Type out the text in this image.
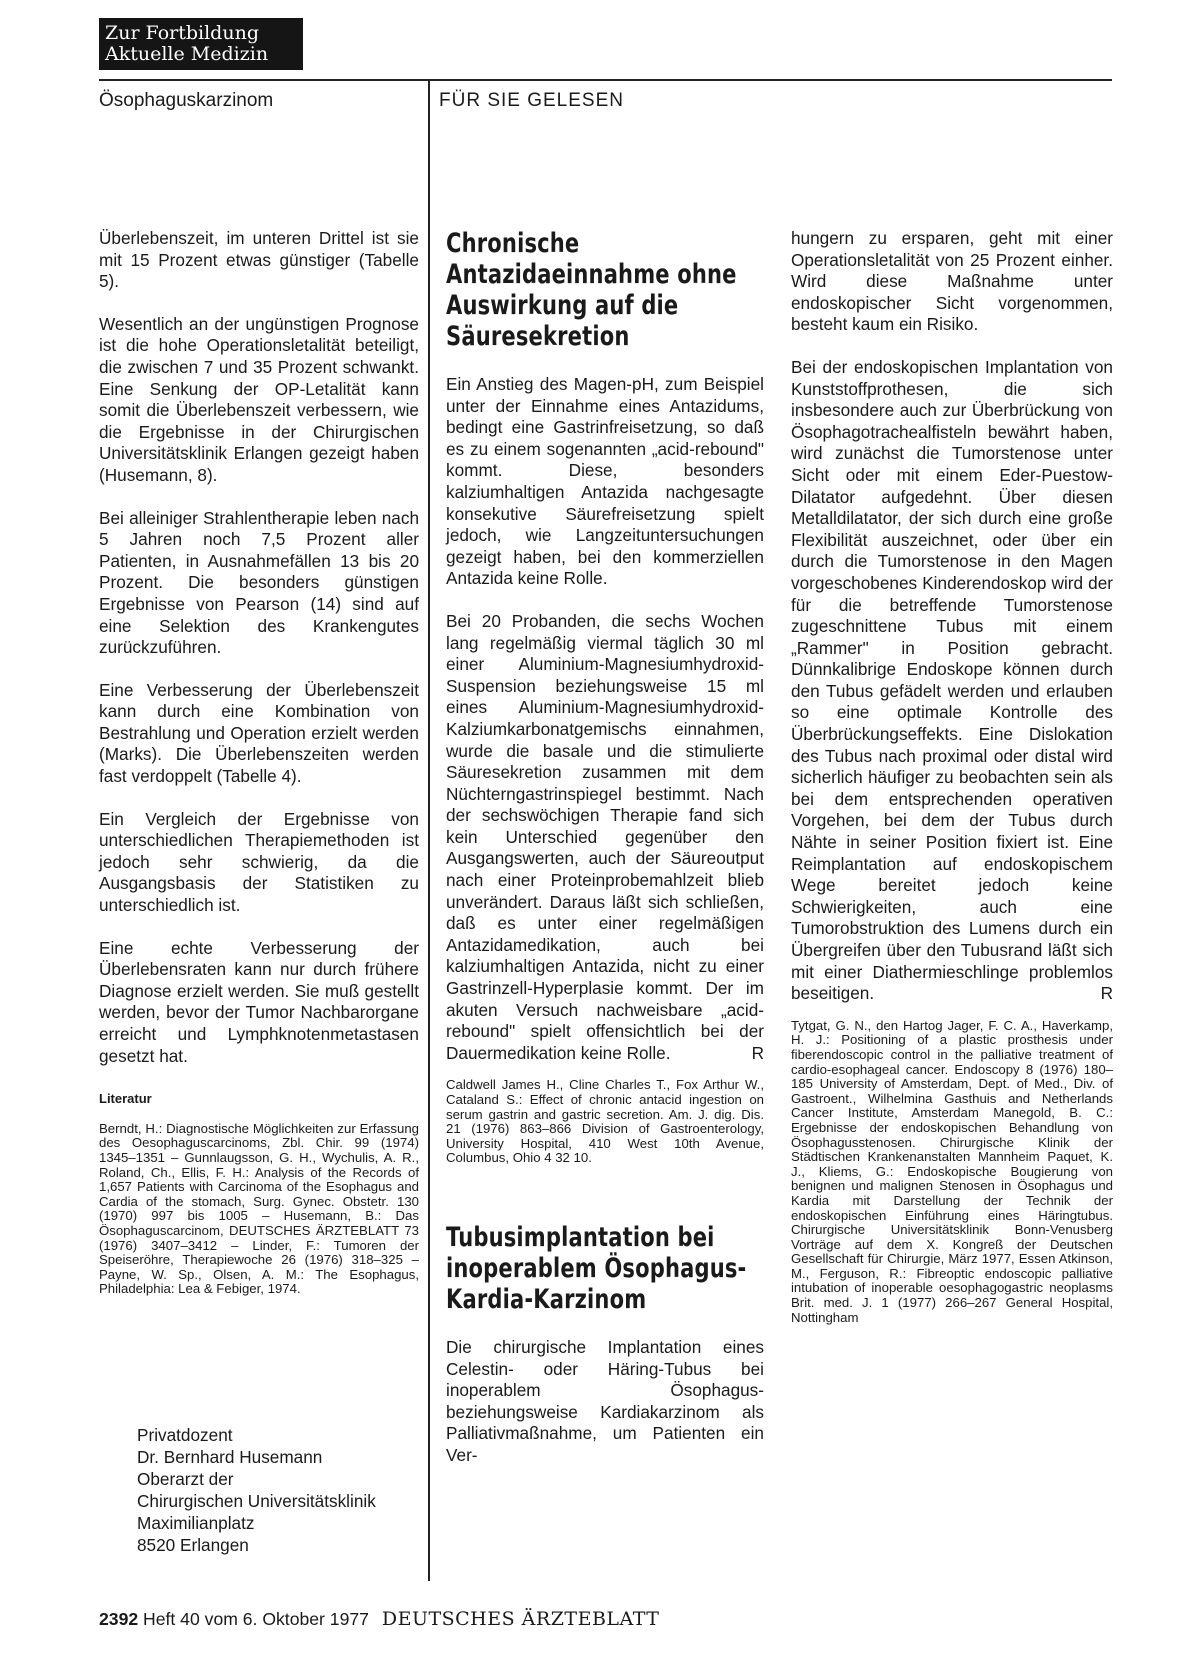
Zur Fortbildung
Aktuelle Medizin
Ösophaguskarzinom	FÜR SIE GELESEN

Überlebenszeit, im unteren Drittel ist sie mit 15 Prozent etwas günstiger (Tabelle 5).

Wesentlich an der ungünstigen Prognose ist die hohe Operationsletalität beteiligt, die zwischen 7 und 35 Prozent schwankt. Eine Senkung der OP-Letalität kann somit die Überlebenszeit verbessern, wie die Ergebnisse in der Chirurgischen Universitätsklinik Erlangen gezeigt haben (Husemann, 8).

Bei alleiniger Strahlentherapie leben nach 5 Jahren noch 7,5 Prozent aller Patienten, in Ausnahmefällen 13 bis 20 Prozent. Die besonders günstigen Ergebnisse von Pearson (14) sind auf eine Selektion des Krankengutes zurückzuführen.

Eine Verbesserung der Überlebenszeit kann durch eine Kombination von Bestrahlung und Operation erzielt werden (Marks). Die Überlebenszeiten werden fast verdoppelt (Tabelle 4).

Ein Vergleich der Ergebnisse von unterschiedlichen Therapiemethoden ist jedoch sehr schwierig, da die Ausgangsbasis der Statistiken zu unterschiedlich ist.

Eine echte Verbesserung der Überlebensraten kann nur durch frühere Diagnose erzielt werden. Sie muß gestellt werden, bevor der Tumor Nachbarorgane erreicht und Lymphknotenmetastasen gesetzt hat.

Literatur

Berndt, H.: Diagnostische Möglichkeiten zur Erfassung des Oesophaguscarcinoms, Zbl. Chir. 99 (1974) 1345–1351 – Gunnlaugsson, G. H., Wychulis, A. R., Roland, Ch., Ellis, F. H.: Analysis of the Records of 1,657 Patients with Carcinoma of the Esophagus and Cardia of the stomach, Surg. Gynec. Obstetr. 130 (1970) 997 bis 1005 – Husemann, B.: Das Ösophaguscarcinom, DEUTSCHES ÄRZTEBLATT 73 (1976) 3407–3412 – Linder, F.: Tumoren der Speiseröhre, Therapiewoche 26 (1976) 318–325 – Payne, W. Sp., Olsen, A. M.: The Esophagus, Philadelphia: Lea & Febiger, 1974.

Privatdozent
Dr. Bernhard Husemann
Oberarzt der
Chirurgischen Universitätsklinik
Maximilianplatz
8520 Erlangen
Chronische Antazidaeinnahme ohne Auswirkung auf die Säuresekretion

Ein Anstieg des Magen-pH, zum Beispiel unter der Einnahme eines Antazidums, bedingt eine Gastrinfreisetzung, so daß es zu einem sogenannten „acid-rebound" kommt. Diese, besonders kalziumhaltigen Antazida nachgesagte konsekutive Säurefreisetzung spielt jedoch, wie Langzeituntersuchungen gezeigt haben, bei den kommerziellen Antazida keine Rolle.

Bei 20 Probanden, die sechs Wochen lang regelmäßig viermal täglich 30 ml einer Aluminium-Magnesiumhydroxid-Suspension beziehungsweise 15 ml eines Aluminium-Magnesiumhydroxid-Kalziumkarbonatgemischs einnahmen, wurde die basale und die stimulierte Säuresekretion zusammen mit dem Nüchterngastrinspiegel bestimmt. Nach der sechswöchigen Therapie fand sich kein Unterschied gegenüber den Ausgangswerten, auch der Säureoutput nach einer Proteinprobemahlzeit blieb unverändert. Daraus läßt sich schließen, daß es unter einer regelmäßigen Antazidamedikation, auch bei kalziumhaltigen Antazida, nicht zu einer Gastrinzell-Hyperplasie kommt. Der im akuten Versuch nachweisbare „acid-rebound" spielt offensichtlich bei der Dauermedikation keine Rolle.	R

Caldwell James H., Cline Charles T., Fox Arthur W., Cataland S.: Effect of chronic antacid ingestion on serum gastrin and gastric secretion. Am. J. dig. Dis. 21 (1976) 863–866 Division of Gastroenterology, University Hospital, 410 West 10th Avenue, Columbus, Ohio 4 32 10.

Tubusimplantation bei inoperablem Ösophagus-Kardia-Karzinom

Die chirurgische Implantation eines Celestin- oder Häring-Tubus bei inoperablem Ösophagus- beziehungsweise Kardiakarzinom als Palliativmaßnahme, um Patienten ein Ver-

hungern zu ersparen, geht mit einer Operationsletalität von 25 Prozent einher. Wird diese Maßnahme unter endoskopischer Sicht vorgenommen, besteht kaum ein Risiko.

Bei der endoskopischen Implantation von Kunststoffprothesen, die sich insbesondere auch zur Überbrückung von Ösophagotrachealfisteln bewährt haben, wird zunächst die Tumorstenose unter Sicht oder mit einem Eder-Puestow-Dilatator aufgedehnt. Über diesen Metalldilatator, der sich durch eine große Flexibilität auszeichnet, oder über ein durch die Tumorstenose in den Magen vorgeschobenes Kinderendoskop wird der für die betreffende Tumorstenose zugeschnittene Tubus mit einem „Rammer" in Position gebracht. Dünnkalibrige Endoskope können durch den Tubus gefädelt werden und erlauben so eine optimale Kontrolle des Überbrückungseffekts. Eine Dislokation des Tubus nach proximal oder distal wird sicherlich häufiger zu beobachten sein als bei dem entsprechenden operativen Vorgehen, bei dem der Tubus durch Nähte in seiner Position fixiert ist. Eine Reimplantation auf endoskopischem Wege bereitet jedoch keine Schwierigkeiten, auch eine Tumorobstruktion des Lumens durch ein Übergreifen über den Tubusrand läßt sich mit einer Diathermieschlinge problemlos beseitigen.	R

Tytgat, G. N., den Hartog Jager, F. C. A., Haverkamp, H. J.: Positioning of a plastic prosthesis under fiberendoscopic control in the palliative treatment of cardio-esophageal cancer. Endoscopy 8 (1976) 180–185 University of Amsterdam, Dept. of Med., Div. of Gastroent., Wilhelmina Gasthuis and Netherlands Cancer Institute, Amsterdam Manegold, B. C.: Ergebnisse der endoskopischen Behandlung von Ösophagusstenosen. Chirurgische Klinik der Städtischen Krankenanstalten Mannheim Paquet, K. J., Kliems, G.: Endoskopische Bougierung von benignen und malignen Stenosen in Ösophagus und Kardia mit Darstellung der Technik der endoskopischen Einführung eines Häringtubus. Chirurgische Universitätsklinik Bonn-Venusberg Vorträge auf dem X. Kongreß der Deutschen Gesellschaft für Chirurgie, März 1977, Essen Atkinson, M., Ferguson, R.: Fibreoptic endoscopic palliative intubation of inoperable oesophagogastric neoplasms Brit. med. J. 1 (1977) 266–267 General Hospital, Nottingham

2392 Heft 40 vom 6. Oktober 1977 DEUTSCHES ÄRZTEBLATT
